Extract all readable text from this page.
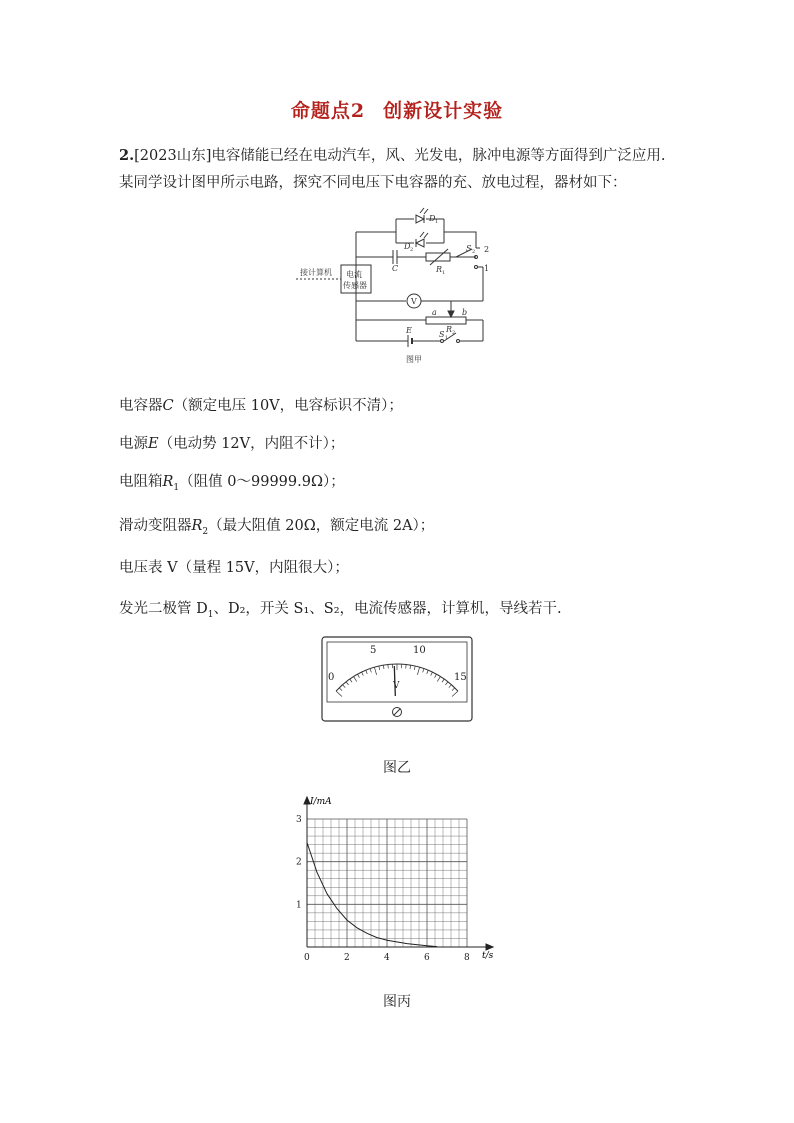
命题点2 创新设计实验
2.[2023山东]电容储能已经在电动汽车，风、光发电，脉冲电源等方面得到广泛应用.某同学设计图甲所示电路，探究不同电压下电容器的充、放电过程，器材如下：
接计算机 电流
传感器
C	R 1
D 1
D 2	S 2 2
1
V
a	b
R 2
E	S 1
图甲
电容器C（额定电压 10V，电容标识不清）；
电源E（电动势 12V，内阻不计）；
电阻箱$R_1$（阻值 0～99999.9Ω）；
滑动变阻器$R_2$（最大阻值 20Ω，额定电流 2A）；
电压表 V（量程 15V，内阻很大）；
发光二极管 $D_1$、D₂，开关 S₁、S₂，电流传感器，计算机，导线若干.
0
5	10
15
V
图乙
0	2	4	6	8
1
2
3
I/mA
t/s
图丙
